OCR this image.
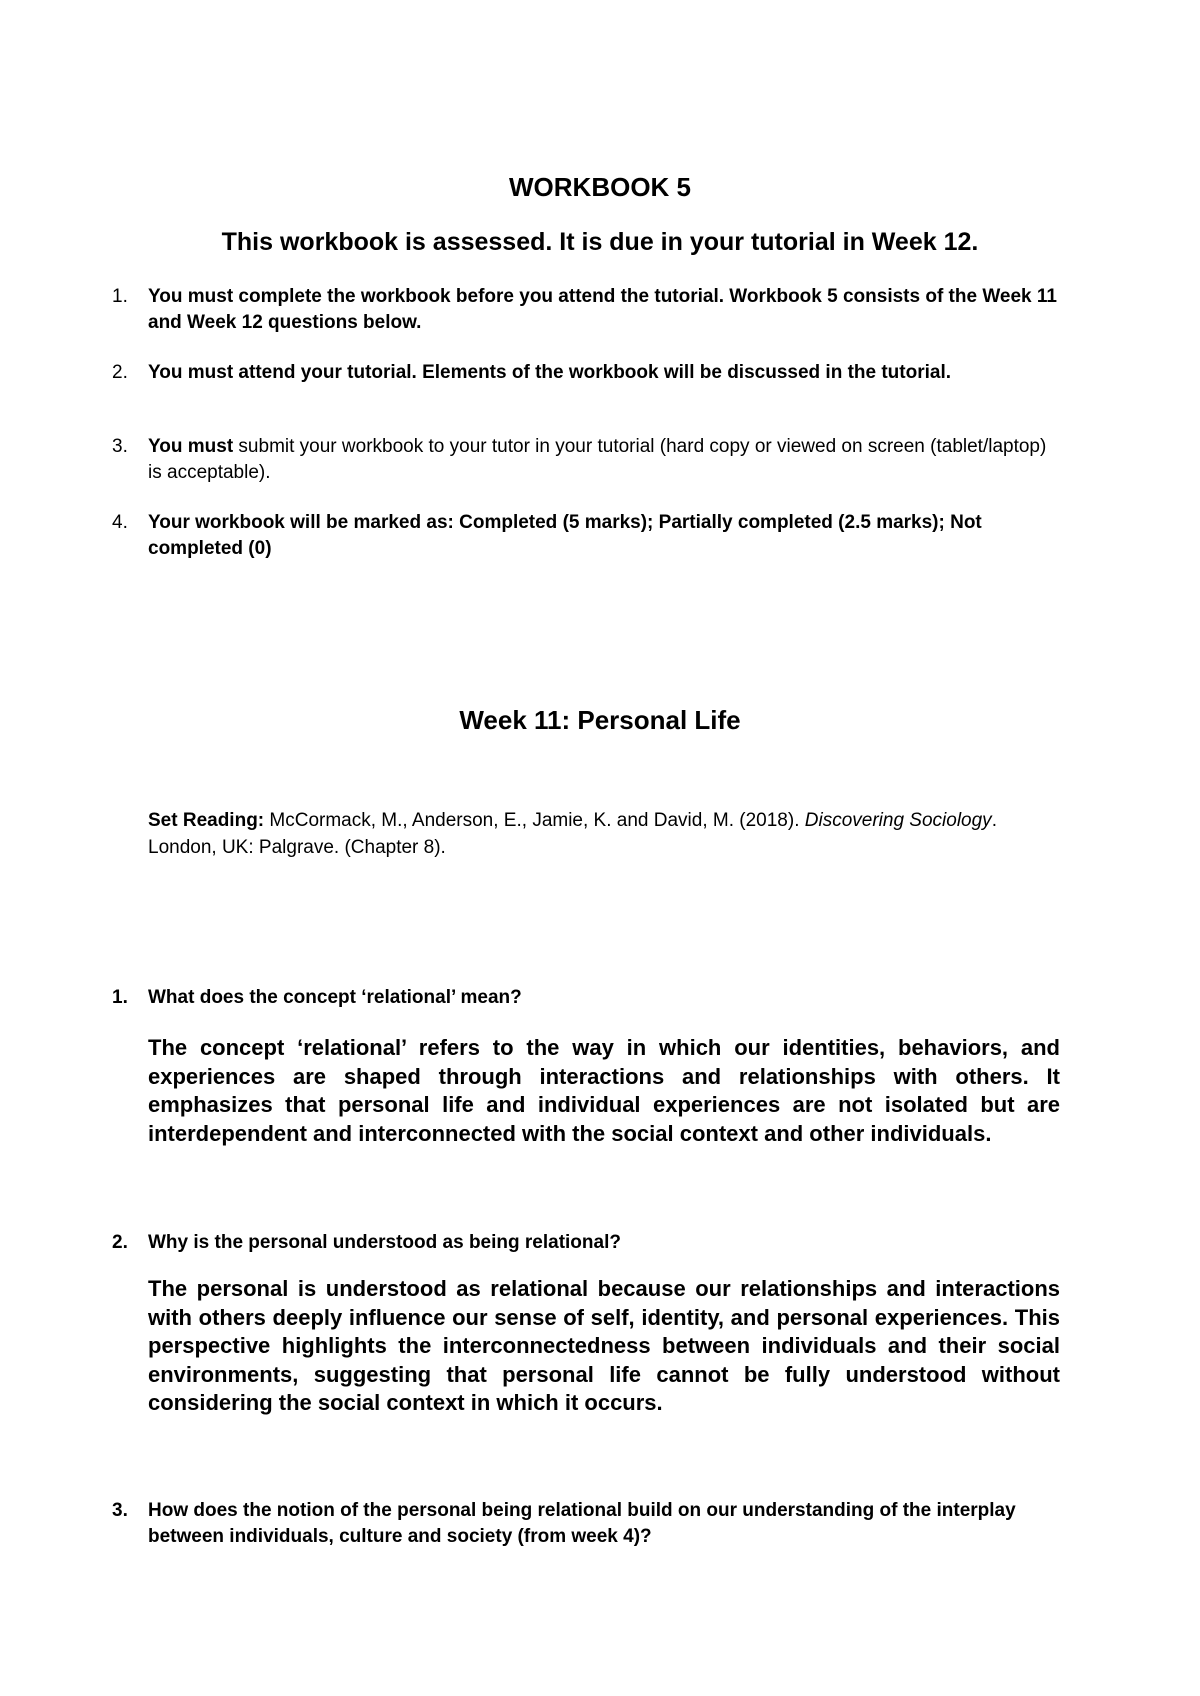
WORKBOOK 5
This workbook is assessed. It is due in your tutorial in Week 12.
1.	You must complete the workbook before you attend the tutorial. Workbook 5 consists of the Week 11 and Week 12 questions below.
2.	You must attend your tutorial. Elements of the workbook will be discussed in the tutorial.
3.	You must submit your workbook to your tutor in your tutorial (hard copy or viewed on screen (tablet/laptop) is acceptable).
4.	Your workbook will be marked as: Completed (5 marks); Partially completed (2.5 marks); Not completed (0)
Week 11: Personal Life
Set Reading: McCormack, M., Anderson, E., Jamie, K. and David, M. (2018). Discovering Sociology. London, UK: Palgrave. (Chapter 8).
1. What does the concept ‘relational’ mean?
The concept ‘relational’ refers to the way in which our identities, behaviors, and experiences are shaped through interactions and relationships with others. It emphasizes that personal life and individual experiences are not isolated but are interdependent and interconnected with the social context and other individuals.
2. Why is the personal understood as being relational?
The personal is understood as relational because our relationships and interactions with others deeply influence our sense of self, identity, and personal experiences. This perspective highlights the interconnectedness between individuals and their social environments, suggesting that personal life cannot be fully understood without considering the social context in which it occurs.
3. How does the notion of the personal being relational build on our understanding of the interplay between individuals, culture and society (from week 4)?
